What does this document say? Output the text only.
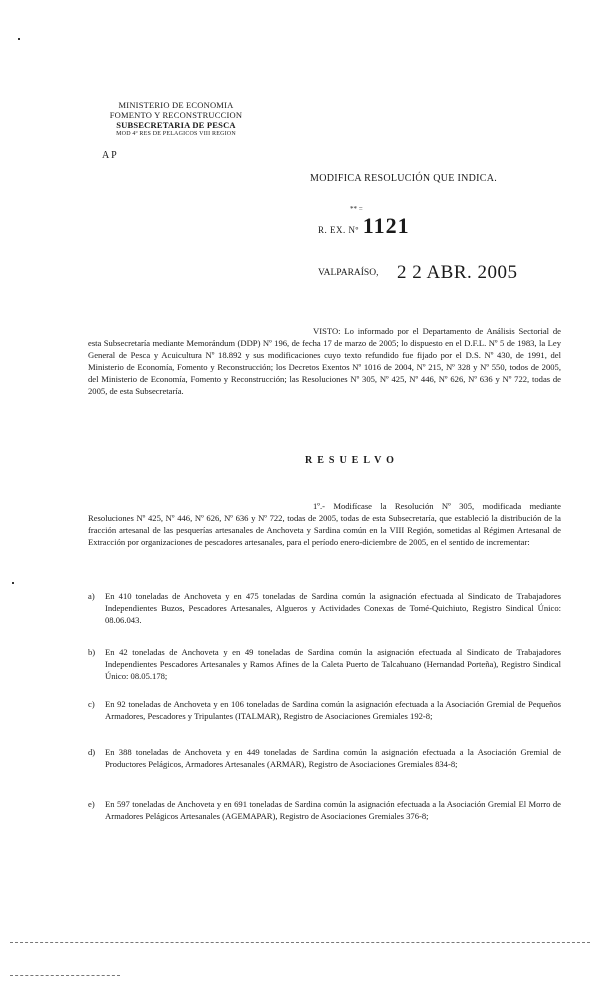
MINISTERIO DE ECONOMIA
FOMENTO Y RECONSTRUCCION
SUBSECRETARIA DE PESCA
MOD 4º RES DE PELAGICOS VIII REGION
A P
MODIFICA RESOLUCIÓN QUE INDICA.
** =
R. EX. Nº 1121
VALPARAÍSO, 2 2 ABR. 2005
VISTO: Lo informado por el Departamento de Análisis Sectorial de esta Subsecretaría mediante Memorándum (DDP) Nº 196, de fecha 17 de marzo de 2005; lo dispuesto en el D.F.L. Nº 5 de 1983, la Ley General de Pesca y Acuicultura Nº 18.892 y sus modificaciones cuyo texto refundido fue fijado por el D.S. Nº 430, de 1991, del Ministerio de Economía, Fomento y Reconstrucción; los Decretos Exentos Nº 1016 de 2004, Nº 215, Nº 328 y Nº 550, todos de 2005, del Ministerio de Economía, Fomento y Reconstrucción; las Resoluciones Nº 305, Nº 425, Nº 446, Nº 626, Nº 636 y Nº 722, todas de 2005, de esta Subsecretaría.
RESUELVO
1º.- Modifícase la Resolución Nº 305, modificada mediante Resoluciones Nº 425, Nº 446, Nº 626, Nº 636 y Nº 722, todas de 2005, todas de esta Subsecretaría, que estableció la distribución de la fracción artesanal de las pesquerías artesanales de Anchoveta y Sardina común en la VIII Región, sometidas al Régimen Artesanal de Extracción por organizaciones de pescadores artesanales, para el período enero-diciembre de 2005, en el sentido de incrementar:
a)	En 410 toneladas de Anchoveta y en 475 toneladas de Sardina común la asignación efectuada al Sindicato de Trabajadores Independientes Buzos, Pescadores Artesanales, Algueros y Actividades Conexas de Tomé-Quichiuto, Registro Sindical Único: 08.06.043.
b)	En 42 toneladas de Anchoveta y en 49 toneladas de Sardina común la asignación efectuada al Sindicato de Trabajadores Independientes Pescadores Artesanales y Ramos Afines de la Caleta Puerto de Talcahuano (Hernandad Porteña), Registro Sindical Único: 08.05.178;
c)	En 92 toneladas de Anchoveta y en 106 toneladas de Sardina común la asignación efectuada a la Asociación Gremial de Pequeños Armadores, Pescadores y Tripulantes (ITALMAR), Registro de Asociaciones Gremiales 192-8;
d)	En 388 toneladas de Anchoveta y en 449 toneladas de Sardina común la asignación efectuada a la Asociación Gremial de Productores Pelágicos, Armadores Artesanales (ARMAR), Registro de Asociaciones Gremiales 834-8;
e)	En 597 toneladas de Anchoveta y en 691 toneladas de Sardina común la asignación efectuada a la Asociación Gremial El Morro de Armadores Pelágicos Artesanales (AGEMAPAR), Registro de Asociaciones Gremiales 376-8;
